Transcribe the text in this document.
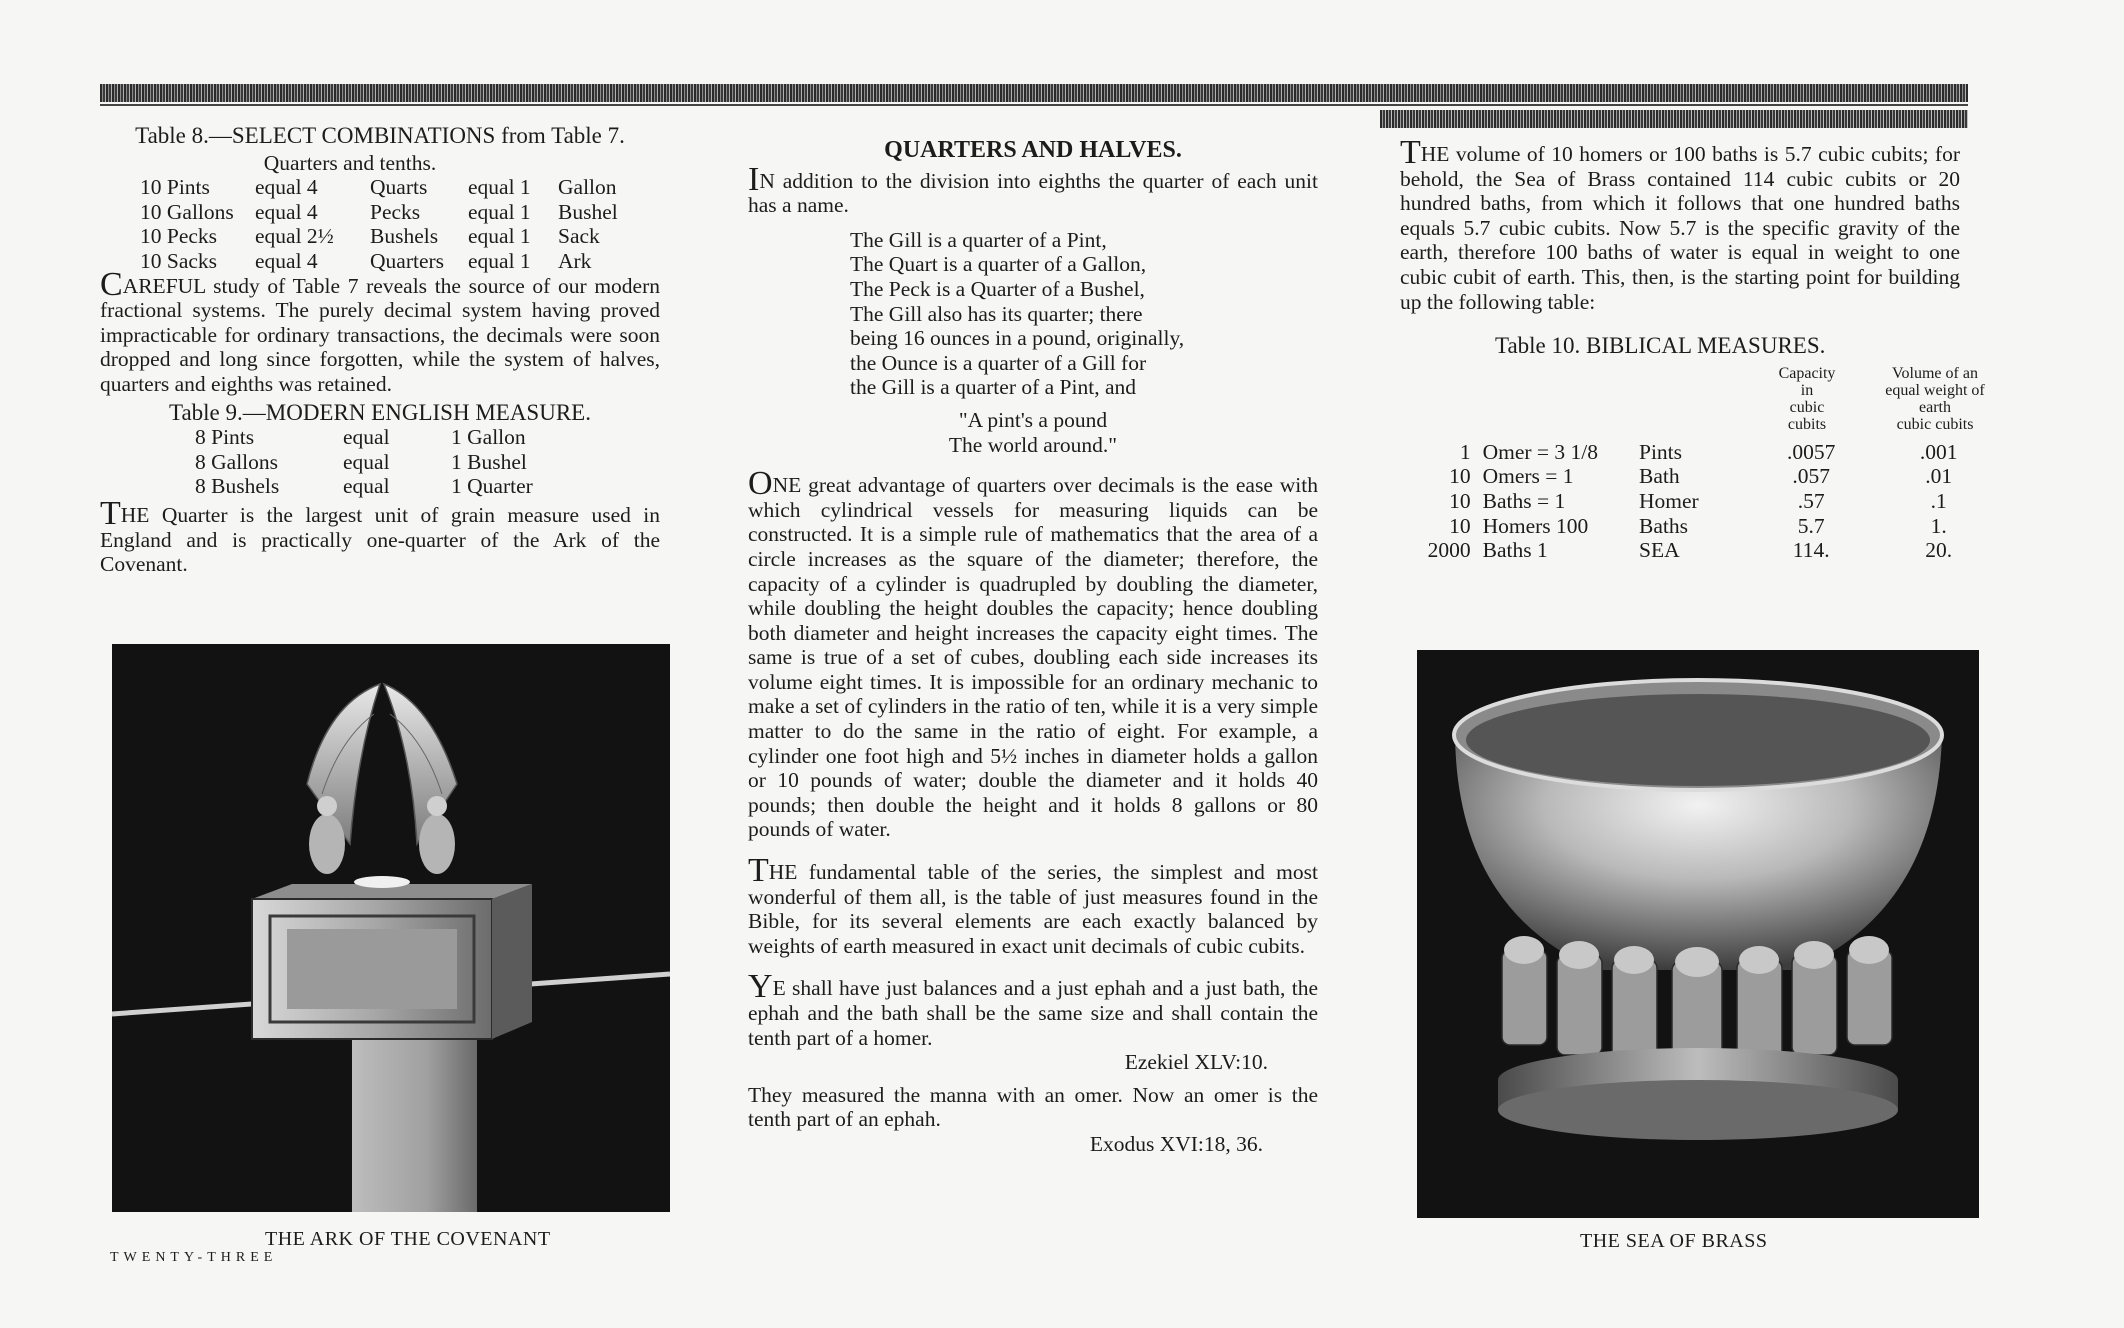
Table 8.—SELECT COMBINATIONS from Table 7.

Quarters and tenths.

10 Pints	equal 4	Quarts	equal 1	Gallon
10 Gallons	equal 4	Pecks	equal 1	Bushel
10 Pecks	equal 2½	Bushels	equal 1	Sack
10 Sacks	equal 4	Quarters	equal 1	Ark

CAREFUL study of Table 7 reveals the source of our modern fractional systems. The purely decimal system having proved impracticable for ordinary transactions, the decimals were soon dropped and long since forgotten, while the system of halves, quarters and eighths was retained.

Table 9.—MODERN ENGLISH MEASURE.

8 Pints	equal	1 Gallon
8 Gallons	equal	1 Bushel
8 Bushels	equal	1 Quarter

THE Quarter is the largest unit of grain measure used in England and is practically one-quarter of the Ark of the Covenant.

THE ARK OF THE COVENANT
TWENTY-THREE

QUARTERS AND HALVES.

IN addition to the division into eighths the quarter of each unit has a name.

The Gill is a quarter of a Pint,

The Quart is a quarter of a Gallon,

The Peck is a Quarter of a Bushel,

The Gill also has its quarter; there

being 16 ounces in a pound, originally,

the Ounce is a quarter of a Gill for

the Gill is a quarter of a Pint, and

"A pint's a pound

The world around."

ONE great advantage of quarters over decimals is the ease with which cylindrical vessels for measuring liquids can be constructed. It is a simple rule of mathematics that the area of a circle increases as the square of the diameter; therefore, the capacity of a cylinder is quadrupled by doubling the diameter, while doubling the height doubles the capacity; hence doubling both diameter and height increases the capacity eight times. The same is true of a set of cubes, doubling each side increases its volume eight times. It is impossible for an ordinary mechanic to make a set of cylinders in the ratio of ten, while it is a very simple matter to do the same in the ratio of eight. For example, a cylinder one foot high and 5½ inches in diameter holds a gallon or 10 pounds of water; double the diameter and it holds 40 pounds; then double the height and it holds 8 gallons or 80 pounds of water.

THE fundamental table of the series, the simplest and most wonderful of them all, is the table of just measures found in the Bible, for its several elements are each exactly balanced by weights of earth measured in exact unit decimals of cubic cubits.

YE shall have just balances and a just ephah and a just bath, the ephah and the bath shall be the same size and shall contain the tenth part of a homer.

Ezekiel XLV:10.

They measured the manna with an omer. Now an omer is the tenth part of an ephah.

Exodus XVI:18, 36.

THE volume of 10 homers or 100 baths is 5.7 cubic cubits; for behold, the Sea of Brass contained 114 cubic cubits or 20 hundred baths, from which it follows that one hundred baths equals 5.7 cubic cubits. Now 5.7 is the specific gravity of the earth, therefore 100 baths of water is equal in weight to one cubic cubit of earth. This, then, is the starting point for building up the following table:

Table 10. BIBLICAL MEASURES.

Capacity
in
cubic
cubits
Volume of an
equal weight of
earth
cubic cubits
1	Omer = 3 1/8	Pints	.0057	.001
10	Omers = 1	Bath	.057	.01
10	Baths = 1	Homer	.57	.1
10	Homers 100	Baths	5.7	1.
2000	Baths 1	SEA	114.	20.
THE SEA OF BRASS
